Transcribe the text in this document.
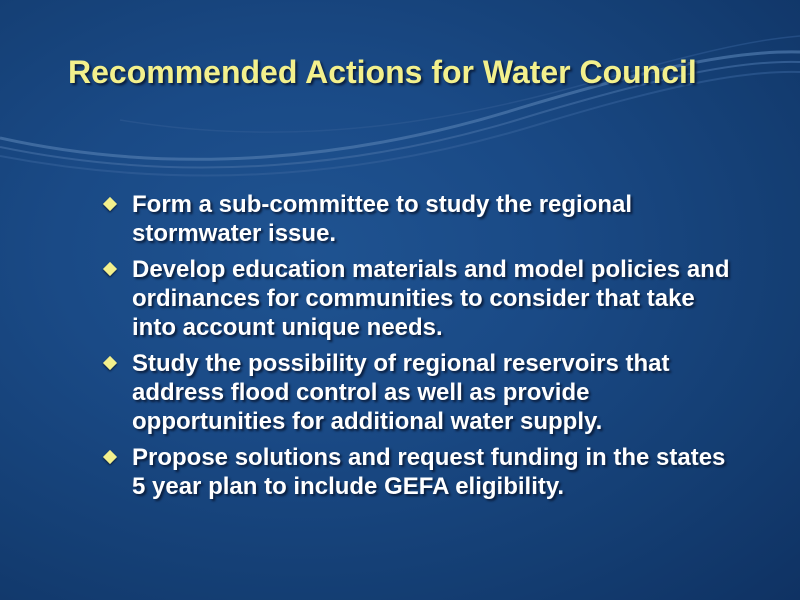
Recommended Actions for Water Council
Form a sub-committee to study the regional stormwater issue.
Develop education materials and model policies and ordinances for communities to consider that take into account unique needs.
Study the possibility of regional reservoirs that address flood control as well as provide opportunities for additional water supply.
Propose solutions and request funding in the states 5 year plan to include GEFA eligibility.
